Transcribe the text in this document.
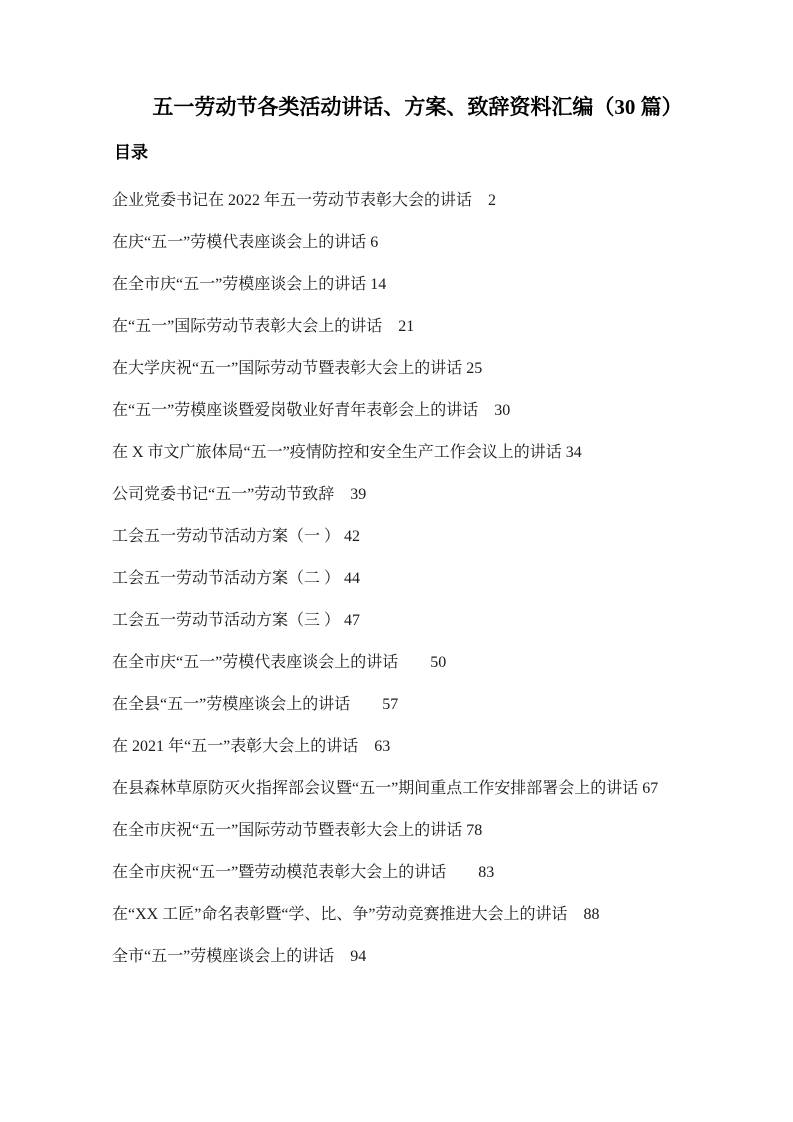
五一劳动节各类活动讲话、方案、致辞资料汇编（30 篇）
目录

企业党委书记在 2022 年五一劳动节表彰大会的讲话　 2

在庆“五一”劳模代表座谈会上的讲话 6

在全市庆“五一”劳模座谈会上的讲话 14

在“五一”国际劳动节表彰大会上的讲话　 21

在大学庆祝“五一”国际劳动节暨表彰大会上的讲话 25

在“五一”劳模座谈暨爱岗敬业好青年表彰会上的讲话　 30

在 X 市文广旅体局“五一”疫情防控和安全生产工作会议上的讲话 34

公司党委书记“五一”劳动节致辞　 39

工会五一劳动节活动方案（一 ） 42

工会五一劳动节活动方案（二 ） 44

工会五一劳动节活动方案（三 ） 47

在全市庆“五一”劳模代表座谈会上的讲话　　 50

在全县“五一”劳模座谈会上的讲话　　 57

在 2021 年“五一”表彰大会上的讲话　 63

在县森林草原防灭火指挥部会议暨“五一”期间重点工作安排部署会上的讲话 67

在全市庆祝“五一”国际劳动节暨表彰大会上的讲话 78

在全市庆祝“五一”暨劳动模范表彰大会上的讲话　　 83

在“XX 工匠”命名表彰暨“学、比、争”劳动竞赛推进大会上的讲话　 88

全市“五一”劳模座谈会上的讲话　 94
